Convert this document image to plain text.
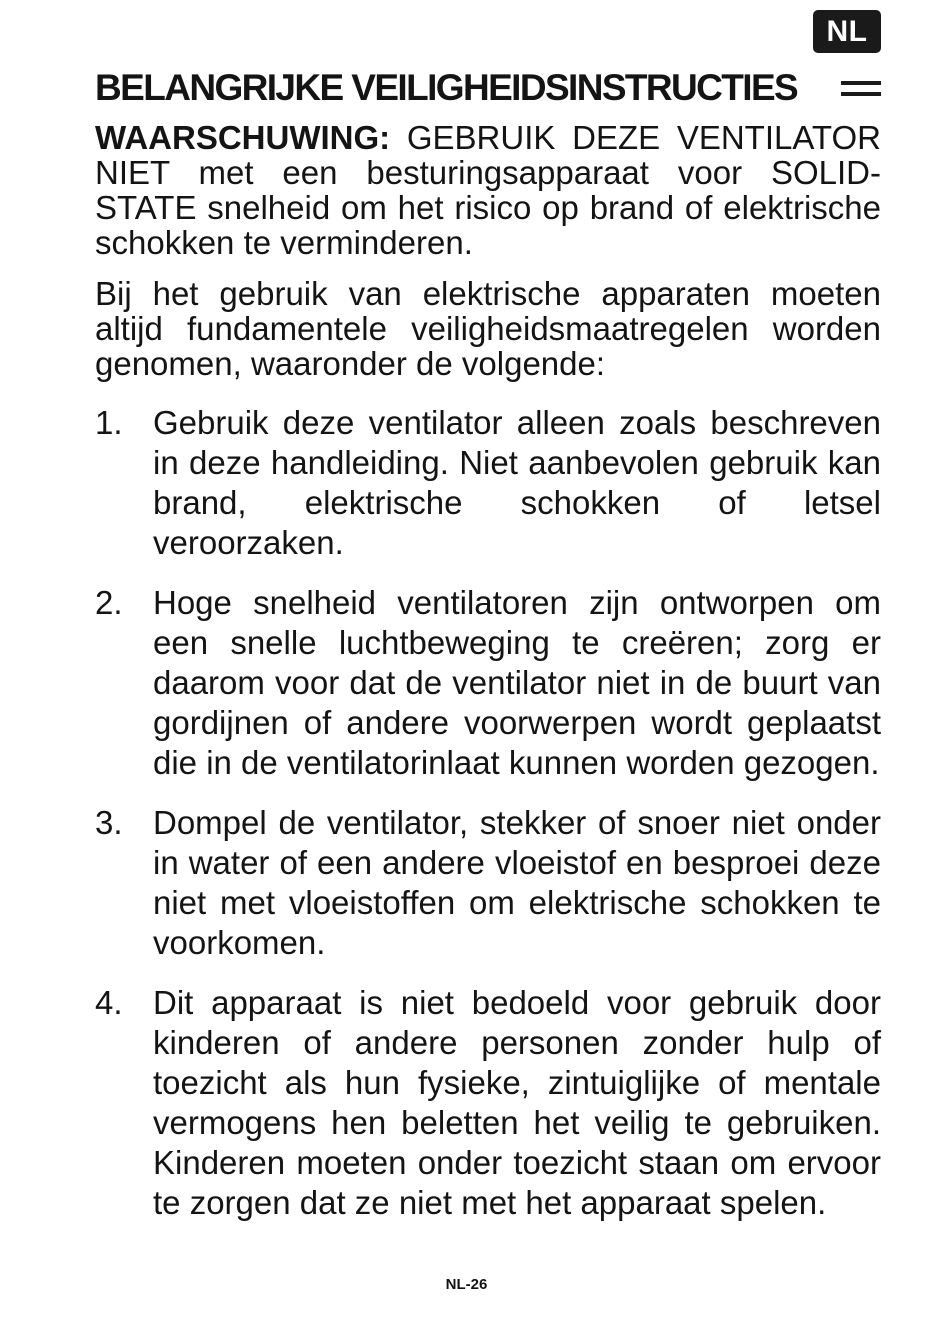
NL
BELANGRIJKE VEILIGHEIDSINSTRUCTIES

WAARSCHUWING: GEBRUIK DEZE VENTILATOR NIET met een besturingsapparaat voor SOLID-STATE snelheid om het risico op brand of elektrische schokken te verminderen.

Bij het gebruik van elektrische apparaten moeten altijd fundamentele veiligheidsmaatregelen worden genomen, waaronder de volgende:

1. Gebruik deze ventilator alleen zoals beschreven in deze handleiding. Niet aanbevolen gebruik kan brand, elektrische schokken of letsel veroorzaken.
2. Hoge snelheid ventilatoren zijn ontworpen om een snelle luchtbeweging te creëren; zorg er daarom voor dat de ventilator niet in de buurt van gordijnen of andere voorwerpen wordt geplaatst die in de ventilatorinlaat kunnen worden gezogen.
3. Dompel de ventilator, stekker of snoer niet onder in water of een andere vloeistof en besproei deze niet met vloeistoffen om elektrische schokken te voorkomen.
4. Dit apparaat is niet bedoeld voor gebruik door kinderen of andere personen zonder hulp of toezicht als hun fysieke, zintuiglijke of mentale vermogens hen beletten het veilig te gebruiken. Kinderen moeten onder toezicht staan om ervoor te zorgen dat ze niet met het apparaat spelen.
NL-26
